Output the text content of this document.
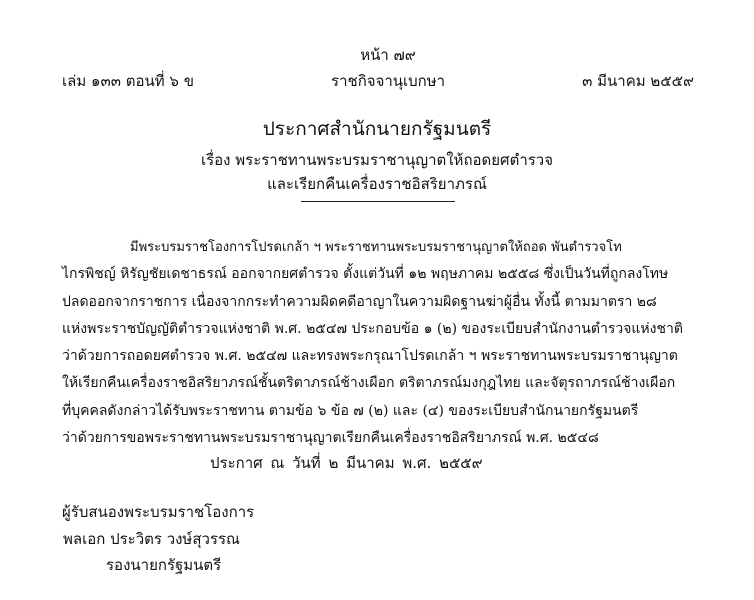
หน้า ๗๙
เล่ม ๑๓๓ ตอนที่ ๖ ข	ราชกิจจานุเบกษา	๓ มีนาคม ๒๕๕๙
ประกาศสำนักนายกรัฐมนตรี
เรื่อง พระราชทานพระบรมราชานุญาตให้ถอดยศตำรวจ
และเรียกคืนเครื่องราชอิสริยาภรณ์
มีพระบรมราชโองการโปรดเกล้า ฯ พระราชทานพระบรมราชานุญาตให้ถอด พันตำรวจโท
ไกรพิชญ์ หิรัญชัยเดชาธรณ์ ออกจากยศตำรวจ ตั้งแต่วันที่ ๑๒ พฤษภาคม ๒๕๕๘ ซึ่งเป็นวันที่ถูกลงโทษ
ปลดออกจากราชการ เนื่องจากกระทำความผิดคดีอาญาในความผิดฐานฆ่าผู้อื่น ทั้งนี้ ตามมาตรา ๒๘
แห่งพระราชบัญญัติตำรวจแห่งชาติ พ.ศ. ๒๕๔๗ ประกอบข้อ ๑ (๒) ของระเบียบสำนักงานตำรวจแห่งชาติ
ว่าด้วยการถอดยศตำรวจ พ.ศ. ๒๕๔๗ และทรงพระกรุณาโปรดเกล้า ฯ พระราชทานพระบรมราชานุญาต
ให้เรียกคืนเครื่องราชอิสริยาภรณ์ชั้นตริตาภรณ์ช้างเผือก ตริตาภรณ์มงกุฎไทย และจัตุรถาภรณ์ช้างเผือก
ที่บุคคลดังกล่าวได้รับพระราชทาน ตามข้อ ๖ ข้อ ๗ (๒) และ (๔) ของระเบียบสำนักนายกรัฐมนตรี
ว่าด้วยการขอพระราชทานพระบรมราชานุญาตเรียกคืนเครื่องราชอิสริยาภรณ์ พ.ศ. ๒๕๔๘
ประกาศ ณ วันที่ ๒ มีนาคม พ.ศ. ๒๕๕๙
ผู้รับสนองพระบรมราชโองการ
พลเอก ประวิตร วงษ์สุวรรณ
รองนายกรัฐมนตรี
